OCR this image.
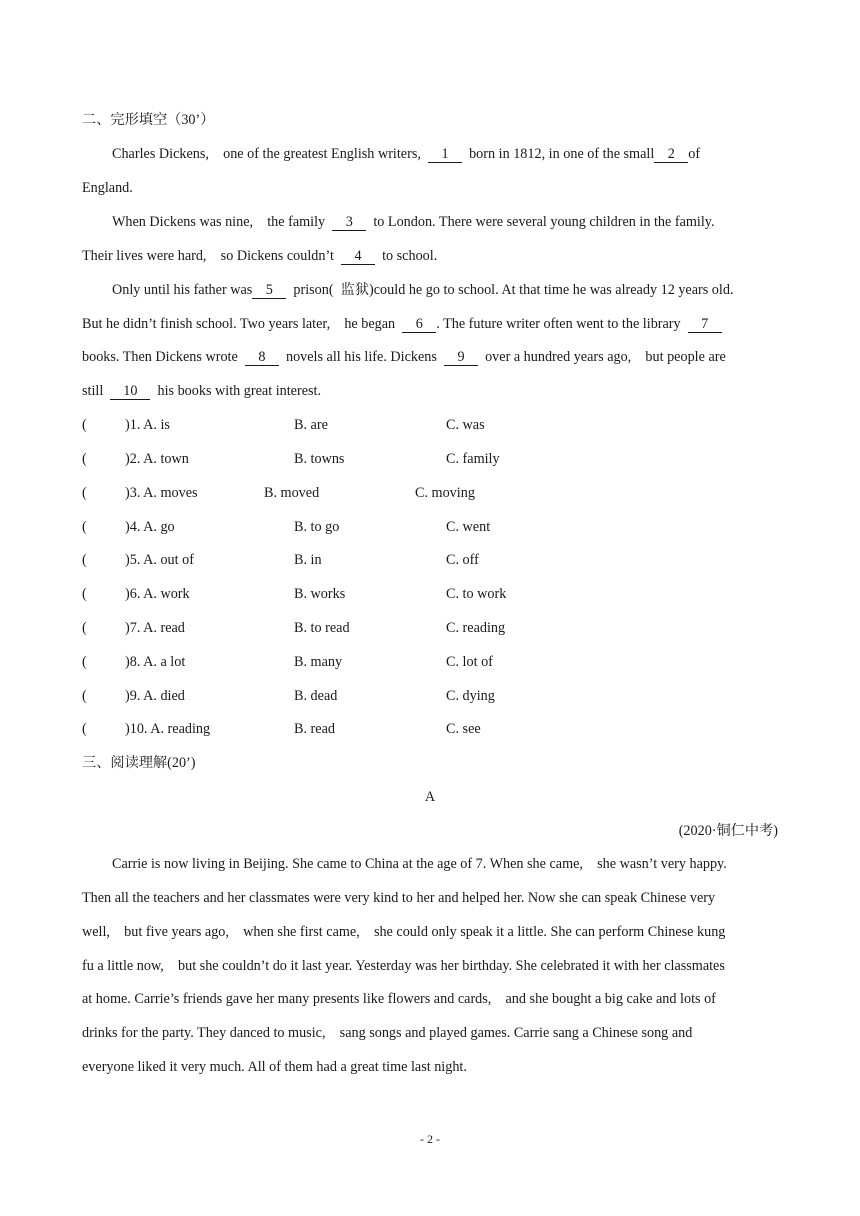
二、完形填空（30’）
Charles Dickens,    one of the greatest English writers,  1  born in 1812, in one of the small 2 of
England.
When Dickens was nine,    the family  3  to London. There were several young children in the family.
Their lives were hard,    so Dickens couldn’t  4  to school.
Only until his father was 5  prison(  监狱)could he go to school. At that time he was already 12 years old.
But he didn’t finish school. Two years later,    he began  6 . The future writer often went to the library  7
books. Then Dickens wrote  8  novels all his life. Dickens  9  over a hundred years ago,    but people are
still  10  his books with great interest.
(	)1. A. is	B. are	C. was
(	)2. A. town	B. towns	C. family
(	)3. A. moves	B. moved	C. moving
(	)4. A. go	B. to go	C. went
(	)5. A. out of	B. in	C. off
(	)6. A. work	B. works	C. to work
(	)7. A. read	B. to read	C. reading
(	)8. A. a lot	B. many	C. lot of
(	)9. A. died	B. dead	C. dying
(	)10. A. reading	B. read	C. see
三、阅读理解(20’)
A
(2020·铜仁中考)
Carrie is now living in Beijing. She came to China at the age of 7. When she came,    she wasn’t very happy.
Then all the teachers and her classmates were very kind to her and helped her. Now she can speak Chinese very
well,    but five years ago,    when she first came,    she could only speak it a little. She can perform Chinese kung
fu a little now,    but she couldn’t do it last year. Yesterday was her birthday. She celebrated it with her classmates
at home. Carrie’s friends gave her many presents like flowers and cards,    and she bought a big cake and lots of
drinks for the party. They danced to music,    sang songs and played games. Carrie sang a Chinese song and
everyone liked it very much. All of them had a great time last night.
- 2 -
